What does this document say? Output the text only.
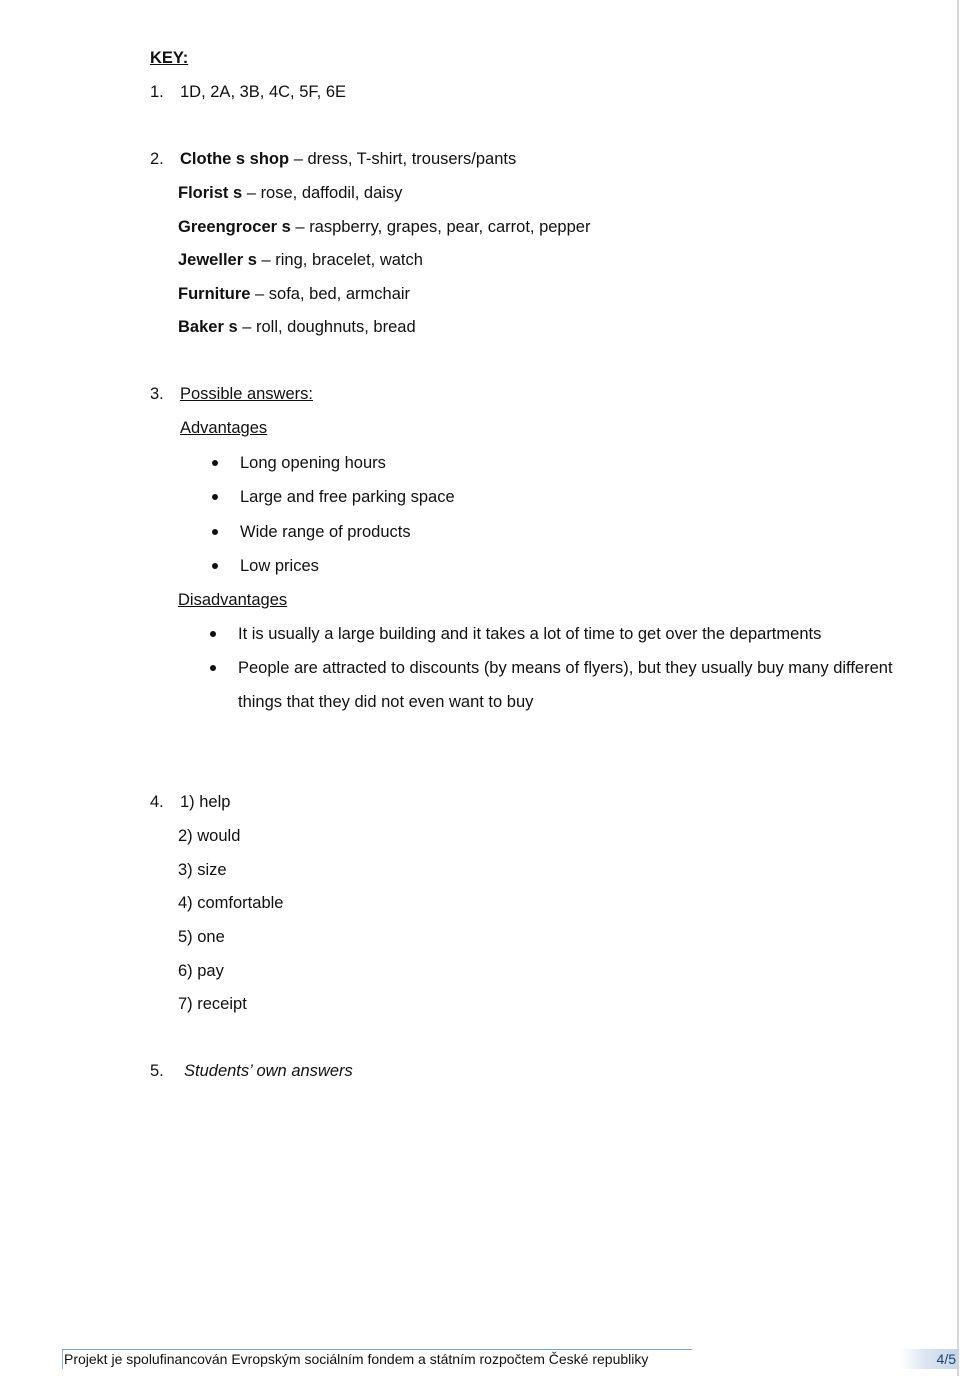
KEY:
1. 1D, 2A, 3B, 4C, 5F, 6E
2. Clothe s shop – dress, T-shirt, trousers/pants
Florist s – rose, daffodil, daisy
Greengrocer s – raspberry, grapes, pear, carrot, pepper
Jeweller s – ring, bracelet, watch
Furniture – sofa, bed, armchair
Baker s – roll, doughnuts, bread
3. Possible answers:
Advantages
Long opening hours
Large and free parking space
Wide range of products
Low prices
Disadvantages
It is usually a large building and it takes a lot of time to get over the departments
People are attracted to discounts (by means of flyers), but they usually buy many different
things that they did not even want to buy
4. 1) help
2) would
3) size
4) comfortable
5) one
6) pay
7) receipt
5. Students’ own answers
Projekt je spolufinancován Evropským sociálním fondem a státním rozpočtem České republiky	4/5
